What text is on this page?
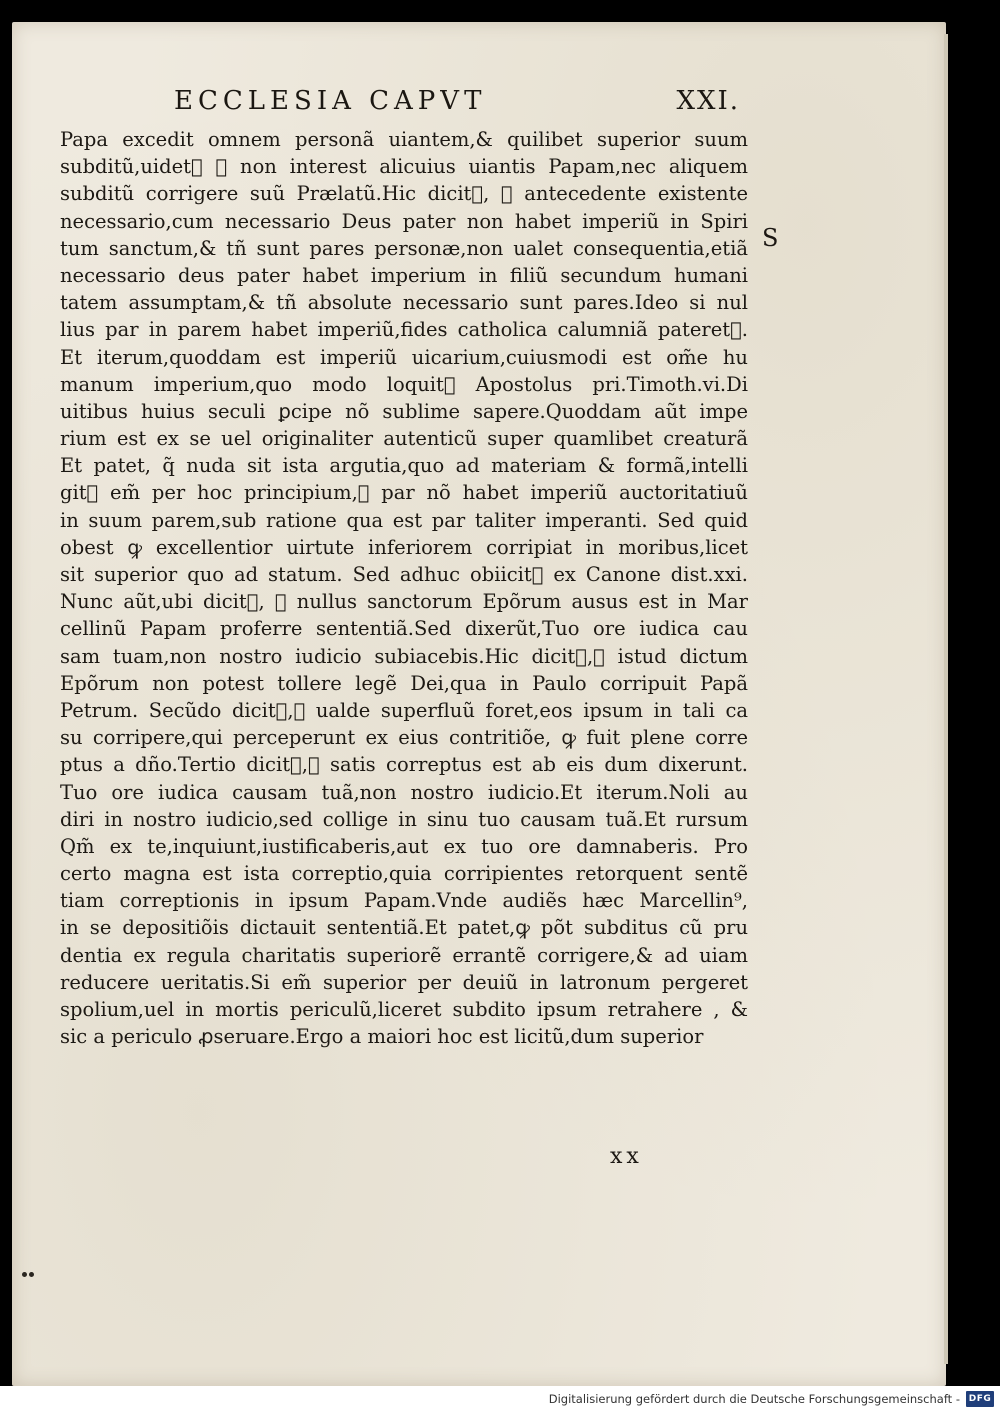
ECCLESIA CAPVT	XXI.
S
Papa excedit omnem personã uiantem,& quilibet superior suum
subditũ,uidetᷣ ꝙ non interest alicuius uiantis Papam,nec aliquem
subditũ corrigere suũ Prælatũ.Hic dicitᷣ, ꝙ antecedente existente
necessario,cum necessario Deus pater non habet imperiũ in Spiri
tum sanctum,& tñ sunt pares personæ,non ualet consequentia,etiã
necessario deus pater habet imperium in filiũ secundum humani
tatem assumptam,& tñ absolute necessario sunt pares.Ideo si nul
lius par in parem habet imperiũ,fides catholica calumniã pateretᷣ.
Et iterum,quoddam est imperiũ uicarium,cuiusmodi est om̃e hu
manum imperium,quo modo loquitᷣ Apostolus pri.Timoth.vi.Di
uitibus huius seculi ꝑcipe nõ sublime sapere.Quoddam aũt impe
rium est ex se uel originaliter autenticũ super quamlibet creaturã
Et patet, q̃ nuda sit ista argutia,quo ad materiam & formã,intelli
gitᷣ em̃ per hoc principium,ꝙ par nõ habet imperiũ auctoritatiuũ
in suum parem,sub ratione qua est par taliter imperanti. Sed quid
obest ꝙ excellentior uirtute inferiorem corripiat in moribus,licet
sit superior quo ad statum. Sed adhuc obiicitᷣ ex Canone dist.xxi.
Nunc aũt,ubi dicitᷣ, ꝙ nullus sanctorum Epõrum ausus est in Mar
cellinũ Papam proferre sententiã.Sed dixerũt,Tuo ore iudica cau
sam tuam,non nostro iudicio subiacebis.Hic dicitᷣ,ꝙ istud dictum
Epõrum non potest tollere legẽ Dei,qua in Paulo corripuit Papã
Petrum. Secũdo dicitᷣ,ꝙ ualde superfluũ foret,eos ipsum in tali ca
su corripere,qui perceperunt ex eius contritiõe, ꝙ fuit plene corre
ptus a dño.Tertio dicitᷣ,ꝙ satis correptus est ab eis dum dixerunt.
Tuo ore iudica causam tuã,non nostro iudicio.Et iterum.Noli au
diri in nostro iudicio,sed collige in sinu tuo causam tuã.Et rursum
Qm̃ ex te,inquiunt,iustificaberis,aut ex tuo ore damnaberis. Pro
certo magna est ista correptio,quia corripientes retorquent sentẽ
tiam correptionis in ipsum Papam.Vnde audiẽs hæc Marcellin⁹,
in se depositiõis dictauit sententiã.Et patet,ꝙ põt subditus cũ pru
dentia ex regula charitatis superiorẽ errantẽ corrigere,& ad uiam
reducere ueritatis.Si em̃ superior per deuiũ in latronum pergeret
spolium,uel in mortis periculũ,liceret subdito ipsum retrahere , &
sic a periculo ꝓseruare.Ergo a maiori hoc est licitũ,dum superior
xx
Digitalisierung gefördert durch die Deutsche Forschungsgemeinschaft - DFG
